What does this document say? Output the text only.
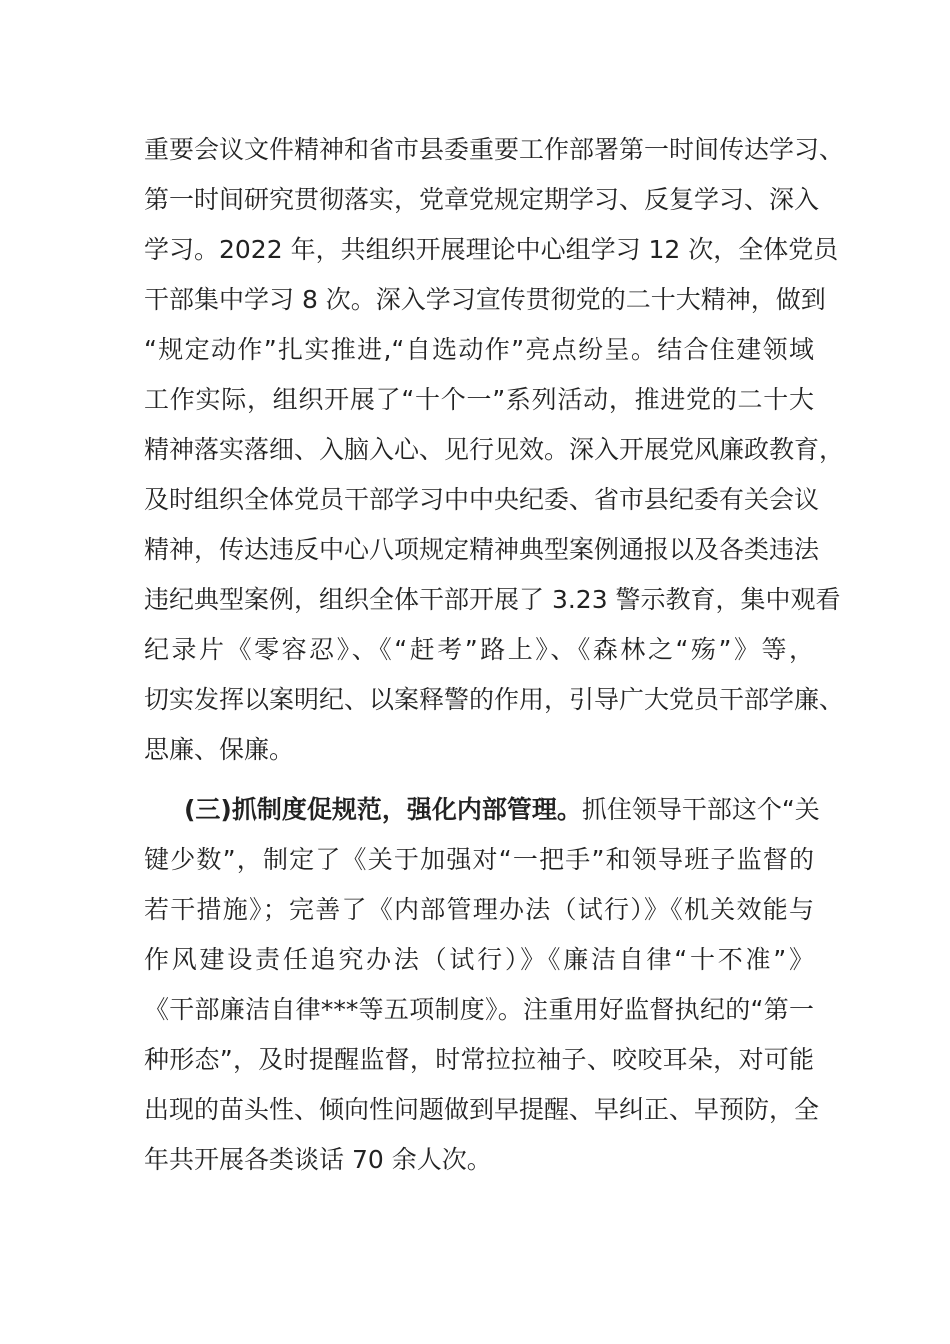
重要会议文件精神和省市县委重要工作部署第一时间传达学习、
第一时间研究贯彻落实，党章党规定期学习、反复学习、深入
学习。2022 年，共组织开展理论中心组学习 12 次，全体党员
干部集中学习 8 次。深入学习宣传贯彻党的二十大精神，做到
“规定动作”扎实推进,“自选动作”亮点纷呈。结合住建领域
工作实际，组织开展了“十个一”系列活动，推进党的二十大
精神落实落细、入脑入心、见行见效。深入开展党风廉政教育，
及时组织全体党员干部学习中中央纪委、省市县纪委有关会议
精神，传达违反中心八项规定精神典型案例通报以及各类违法
违纪典型案例，组织全体干部开展了 3.23 警示教育，集中观看
纪录片《零容忍》、《“赶考”路上》、《森林之“殇”》等，
切实发挥以案明纪、以案释警的作用，引导广大党员干部学廉、
思廉、保廉。
(三)抓制度促规范，强化内部管理。抓住领导干部这个“关
键少数”，制定了《关于加强对“一把手”和领导班子监督的
若干措施》；完善了《内部管理办法（试行）》《机关效能与
作风建设责任追究办法（试行）》《廉洁自律“十不准”》
《干部廉洁自律***等五项制度》。注重用好监督执纪的“第一
种形态”，及时提醒监督，时常拉拉袖子、咬咬耳朵，对可能
出现的苗头性、倾向性问题做到早提醒、早纠正、早预防，全
年共开展各类谈话 70 余人次。
